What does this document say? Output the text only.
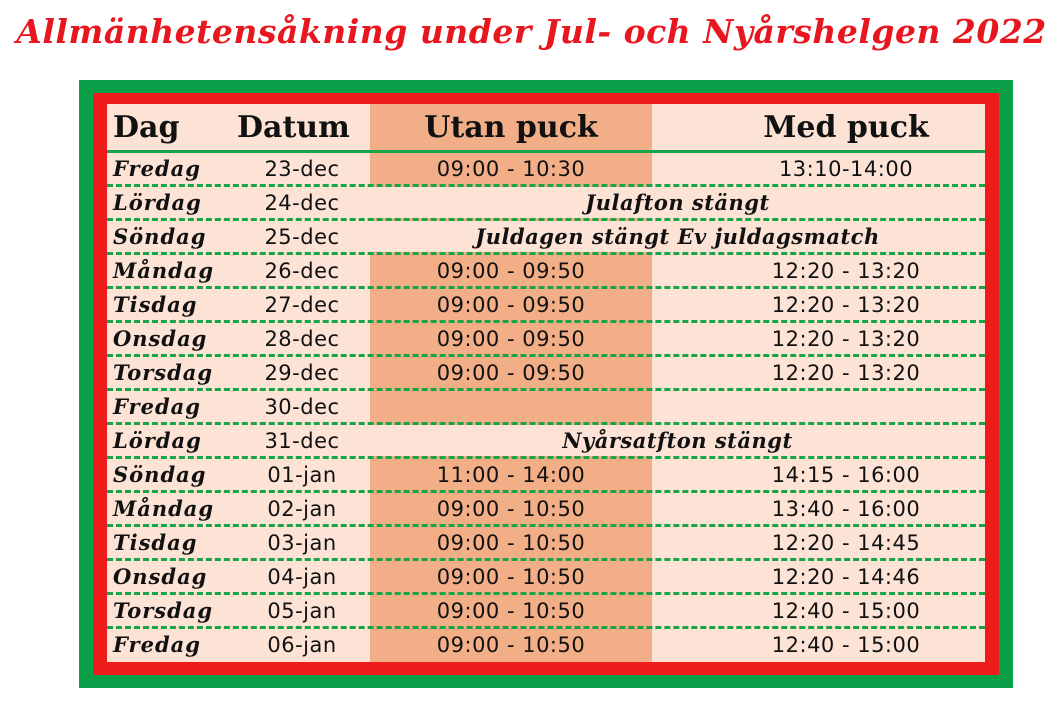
Allmänhetensåkning under Jul- och Nyårshelgen 2022
Dag Datum	Utan puck	Med puck
Fredag	23-dec	09:00 - 10:30	13:10-14:00
Lördag	24-dec	Julafton stängt
Söndag	25-dec	Juldagen stängt Ev juldagsmatch
Måndag	26-dec	09:00 - 09:50	12:20 - 13:20
Tisdag	27-dec	09:00 - 09:50	12:20 - 13:20
Onsdag	28-dec	09:00 - 09:50	12:20 - 13:20
Torsdag	29-dec	09:00 - 09:50	12:20 - 13:20
Fredag	30-dec
Lördag	31-dec	Nyårsatfton stängt
Söndag	01-jan	11:00 - 14:00	14:15 - 16:00
Måndag	02-jan	09:00 - 10:50	13:40 - 16:00
Tisdag	03-jan	09:00 - 10:50	12:20 - 14:45
Onsdag	04-jan	09:00 - 10:50	12:20 - 14:46
Torsdag	05-jan	09:00 - 10:50	12:40 - 15:00
Fredag	06-jan	09:00 - 10:50	12:40 - 15:00
